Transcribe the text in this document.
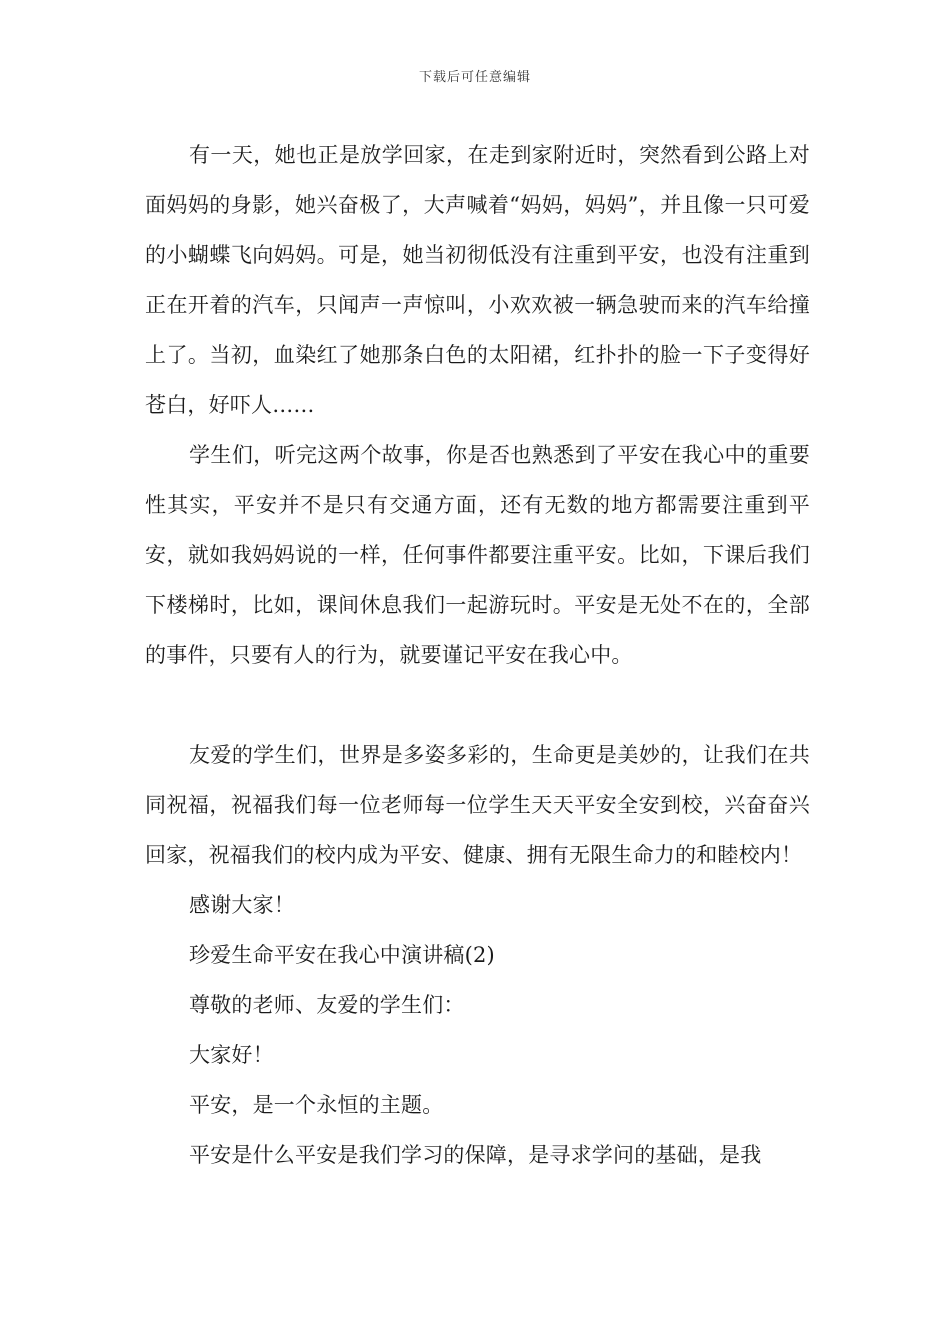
下载后可任意编辑

有一天，她也正是放学回家，在走到家附近时，突然看到公路上对面妈妈的身影，她兴奋极了，大声喊着“妈妈，妈妈”，并且像一只可爱的小蝴蝶飞向妈妈。可是，她当初彻低没有注重到平安，也没有注重到正在开着的汽车，只闻声一声惊叫，小欢欢被一辆急驶而来的汽车给撞上了。当初，血染红了她那条白色的太阳裙，红扑扑的脸一下子变得好苍白，好吓人……

学生们，听完这两个故事，你是否也熟悉到了平安在我心中的重要性其实，平安并不是只有交通方面，还有无数的地方都需要注重到平安，就如我妈妈说的一样，任何事件都要注重平安。比如，下课后我们下楼梯时，比如，课间休息我们一起游玩时。平安是无处不在的，全部的事件，只要有人的行为，就要谨记平安在我心中。

友爱的学生们，世界是多姿多彩的，生命更是美妙的，让我们在共同祝福，祝福我们每一位老师每一位学生天天平安全安到校，兴奋奋兴回家，祝福我们的校内成为平安、健康、拥有无限生命力的和睦校内！

感谢大家！

珍爱生命平安在我心中演讲稿(2)

尊敬的老师、友爱的学生们：

大家好！

平安，是一个永恒的主题。

平安是什么平安是我们学习的保障，是寻求学问的基础，是我
